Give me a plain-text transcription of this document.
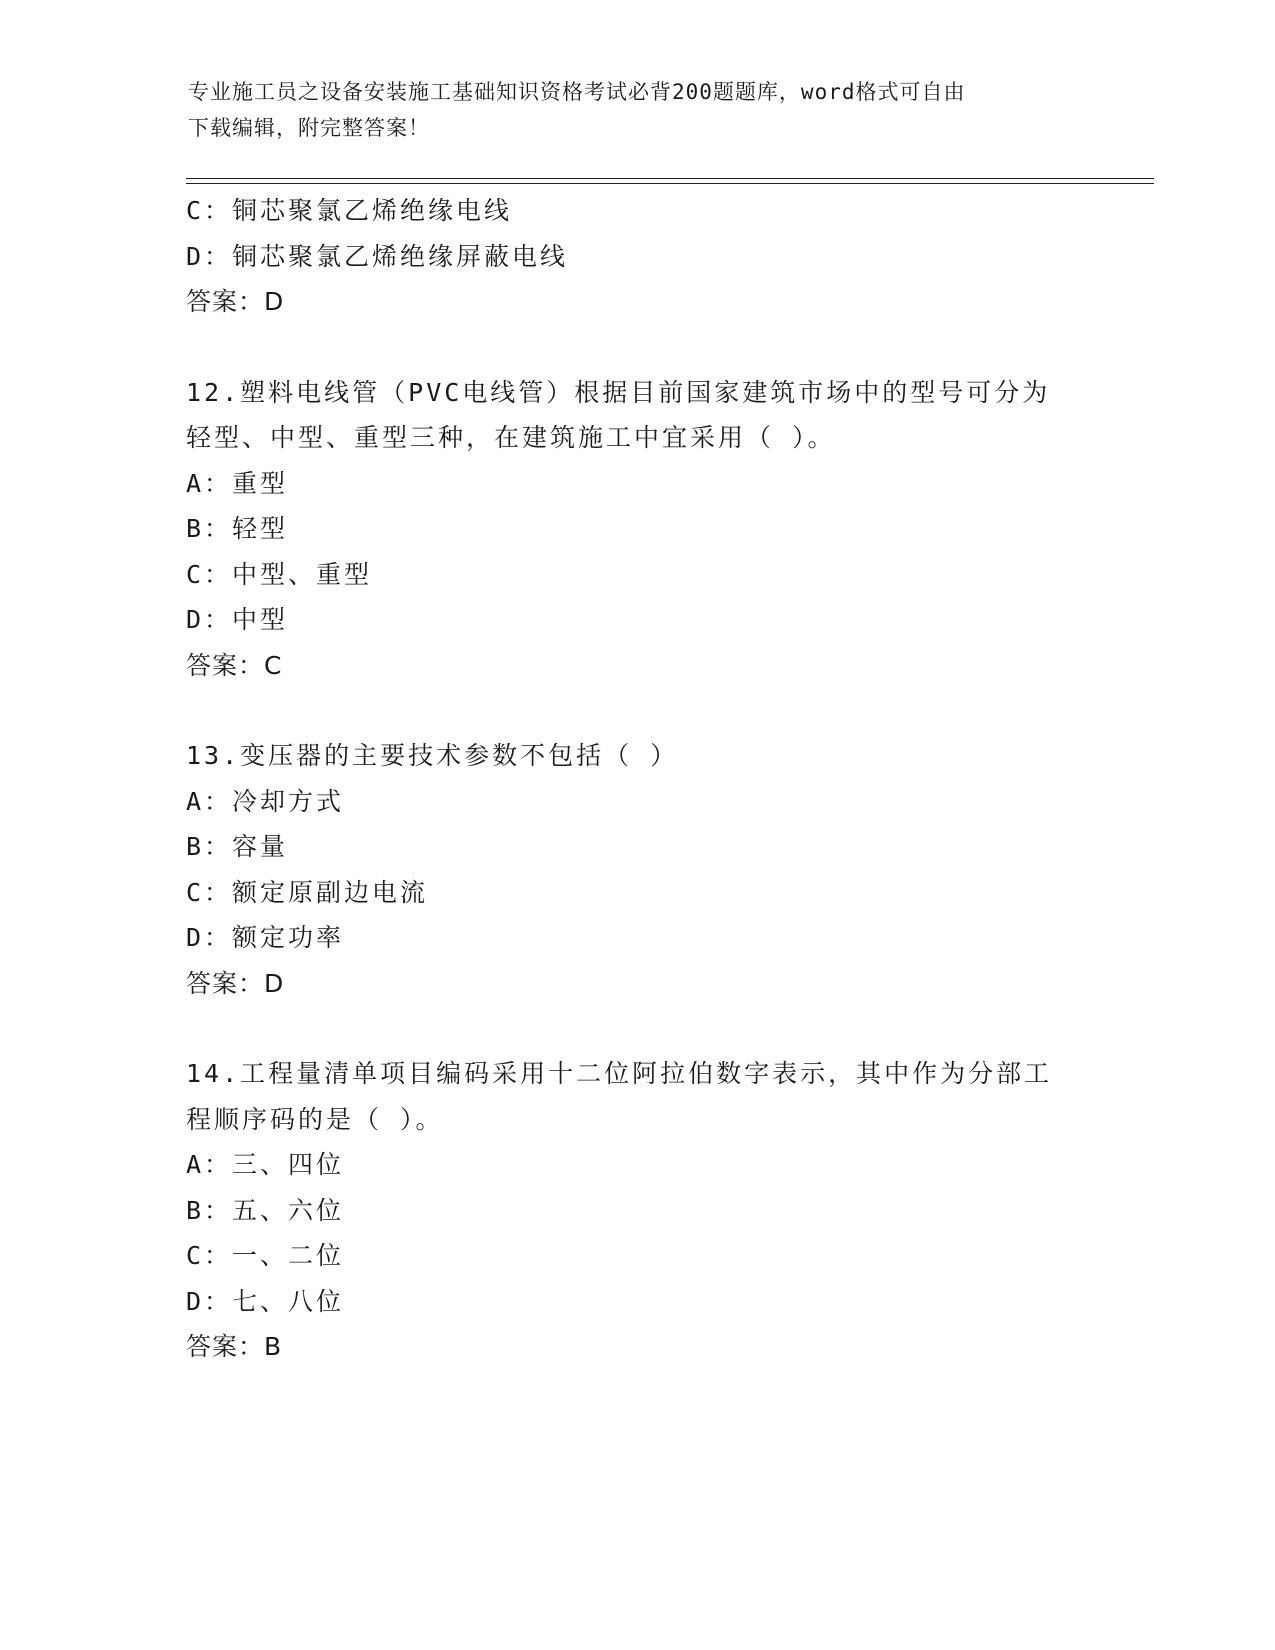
专业施工员之设备安装施工基础知识资格考试必背200题题库，word格式可自由
下载编辑，附完整答案！
C：铜芯聚氯乙烯绝缘电线
D：铜芯聚氯乙烯绝缘屏蔽电线
答案：D
12.塑料电线管（PVC电线管）根据目前国家建筑市场中的型号可分为
轻型、中型、重型三种，在建筑施工中宜采用（ ）。
A：重型
B：轻型
C：中型、重型
D：中型
答案：C
13.变压器的主要技术参数不包括（ ）
A：冷却方式
B：容量
C：额定原副边电流
D：额定功率
答案：D
14.工程量清单项目编码采用十二位阿拉伯数字表示，其中作为分部工
程顺序码的是（ ）。
A：三、四位
B：五、六位
C：一、二位
D：七、八位
答案：B
